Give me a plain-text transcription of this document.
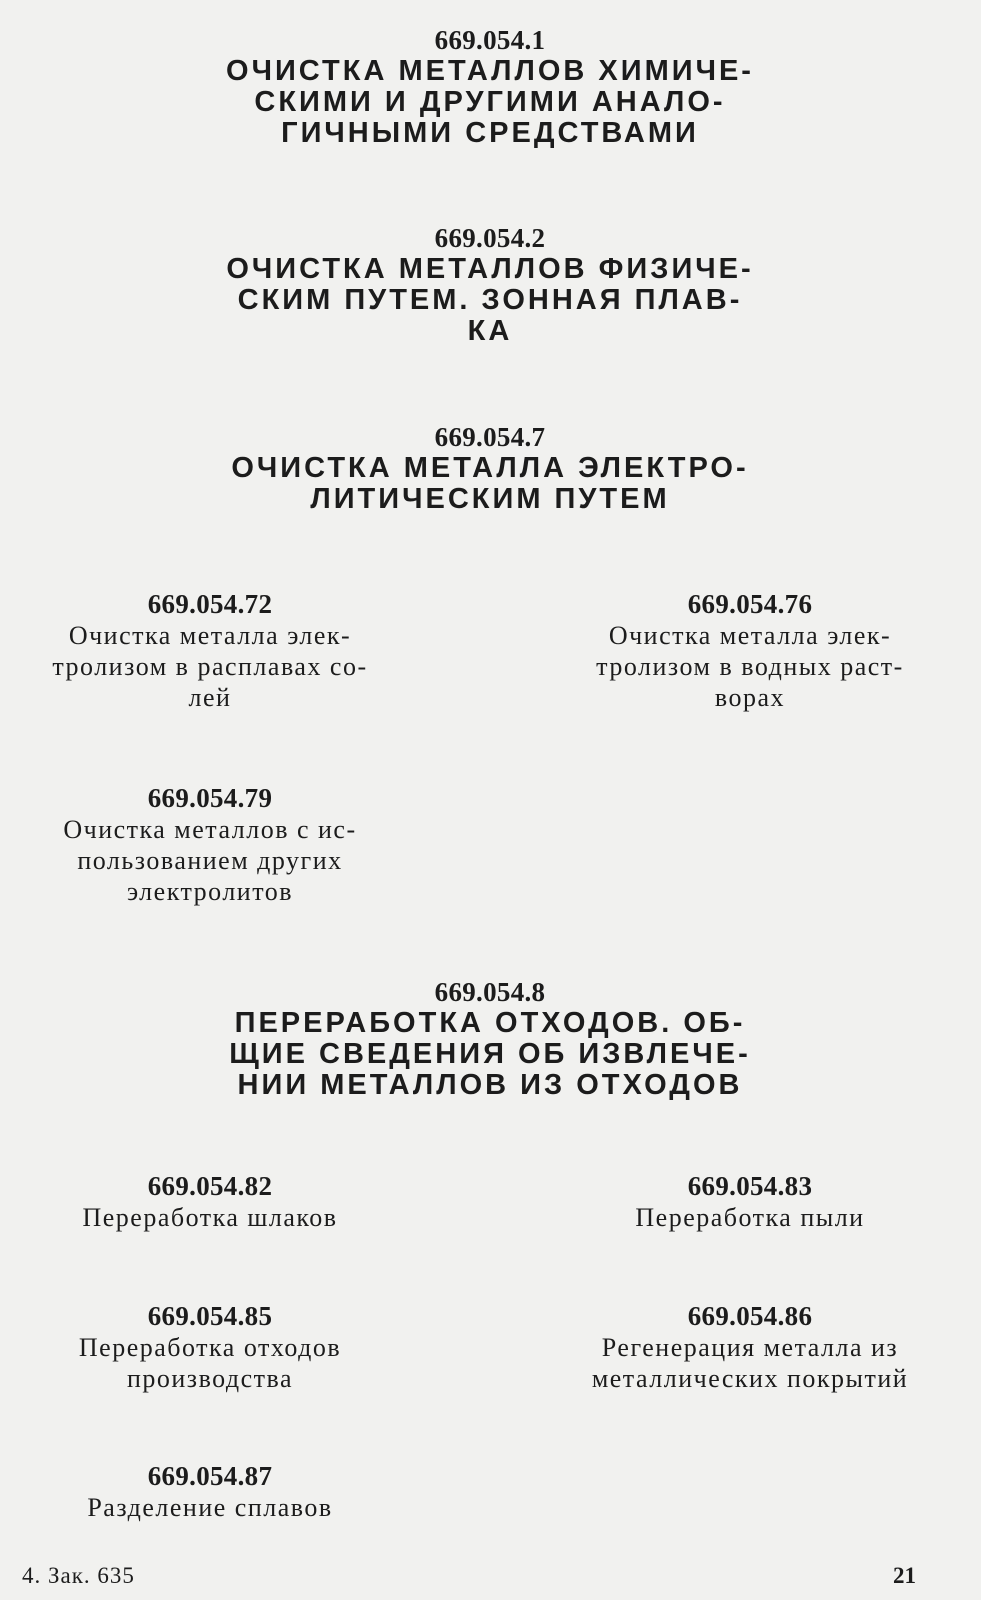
669.054.1
ОЧИСТКА МЕТАЛЛОВ ХИМИЧЕ-
СКИМИ И ДРУГИМИ АНАЛО-
ГИЧНЫМИ СРЕДСТВАМИ
669.054.2
ОЧИСТКА МЕТАЛЛОВ ФИЗИЧЕ-
СКИМ ПУТЕМ. ЗОННАЯ ПЛАВ-
КА
669.054.7
ОЧИСТКА МЕТАЛЛА ЭЛЕКТРО-
ЛИТИЧЕСКИМ ПУТЕМ
669.054.72
Очистка металла элек-
тролизом в расплавах со-
лей
669.054.76
Очистка металла элек-
тролизом в водных раст-
ворах
669.054.79
Очистка металлов с ис-
пользованием других
электролитов
669.054.8
ПЕРЕРАБОТКА ОТХОДОВ. ОБ-
ЩИЕ СВЕДЕНИЯ ОБ ИЗВЛЕЧЕ-
НИИ МЕТАЛЛОВ ИЗ ОТХОДОВ
669.054.82
Переработка шлаков
669.054.83
Переработка пыли
669.054.85
Переработка отходов
производства
669.054.86
Регенерация металла из
металлических покрытий
669.054.87
Разделение сплавов
4. Зак. 635	21
